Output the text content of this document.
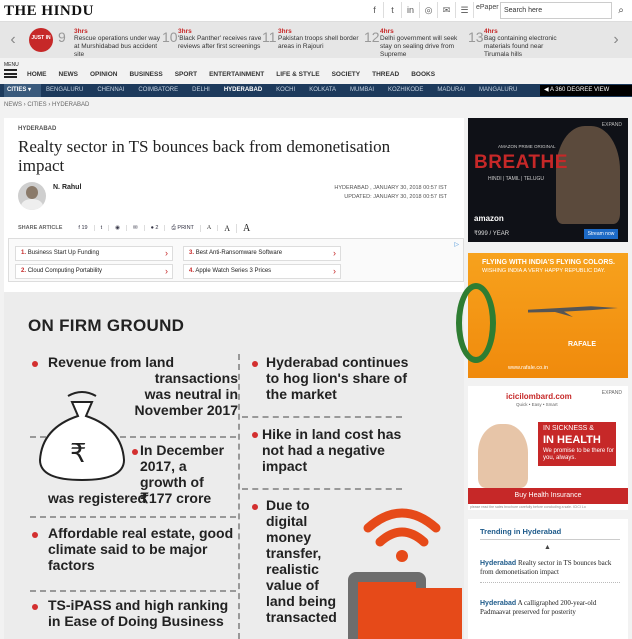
THE HINDU	f	t	in	◎	✉	☰	ePaper Search here	⌕
‹	JUST IN 9 3hrs
Rescue operations under way at Murshidabad bus accident site
10 3hrs
'Black Panther' receives rave reviews after first screenings
11 3hrs
Pakistan troops shell border areas in Rajouri
12 4hrs
Delhi government will seek stay on sealing drive from Supreme
13 4hrs
Bag containing electronic materials found near Tirumala hills
›
MENU
HOME NEWS OPINION BUSINESS SPORT ENTERTAINMENT LIFE & STYLE SOCIETY THREAD BOOKS
CITIES ▾	BENGALURU CHENNAI COIMBATORE DELHI HYDERABAD KOCHI KOLKATA MUMBAI KOZHIKODE MADURAI MANGALURU	◀ A 360 DEGREE VIEW
NEWS › CITIES › HYDERABAD
HYDERABAD
Realty sector in TS bounces back from demonetisation impact
N. Rahul	HYDERABAD , JANUARY 30, 2018 00:57 IST
UPDATED: JANUARY 30, 2018 00:57 IST
SHARE ARTICLE	f 19	t	◉	✉	● 2	⎙ PRINT	A	A	A
▷
1. Business Start Up Funding ›	3. Best Anti-Ransomware Software ›
2. Cloud Computing Portability ›	4. Apple Watch Series 3 Prices ›
ON FIRM GROUND
Revenue from land
transactions was neutral in November 2017
₹	In December 2017, a growth of ₹177 crore
was registered
Affordable real estate, good climate said to be major factors
TS-iPASS and high ranking in Ease of Doing Business
Hyderabad continues to hog lion's share of the market
Hike in land cost has not had a negative impact
Due to digital money transfer, realistic value of land being transacted
EXPAND
AMAZON PRIME ORIGINAL
BREATHE
HINDI | TAMIL | TELUGU
amazon
₹999 / YEAR	Stream now
FLYING WITH INDIA'S FLYING COLORS.
WISHING INDIA A VERY HAPPY REPUBLIC DAY.
RAFALE
www.rafale.co.in
EXPAND
icicilombard.com
Quick • Easy • Smart
IN SICKNESS &
IN HEALTH
We promise to be there for you, always.
Buy Health Insurance
please read the sales brochure carefully before concluding a sale. ICICI Lo
Trending in Hyderabad
▲
Hyderabad Realty sector in TS bounces back from demonetisation impact
Hyderabad A calligraphed 200-year-old Padmaavat preserved for posterity
